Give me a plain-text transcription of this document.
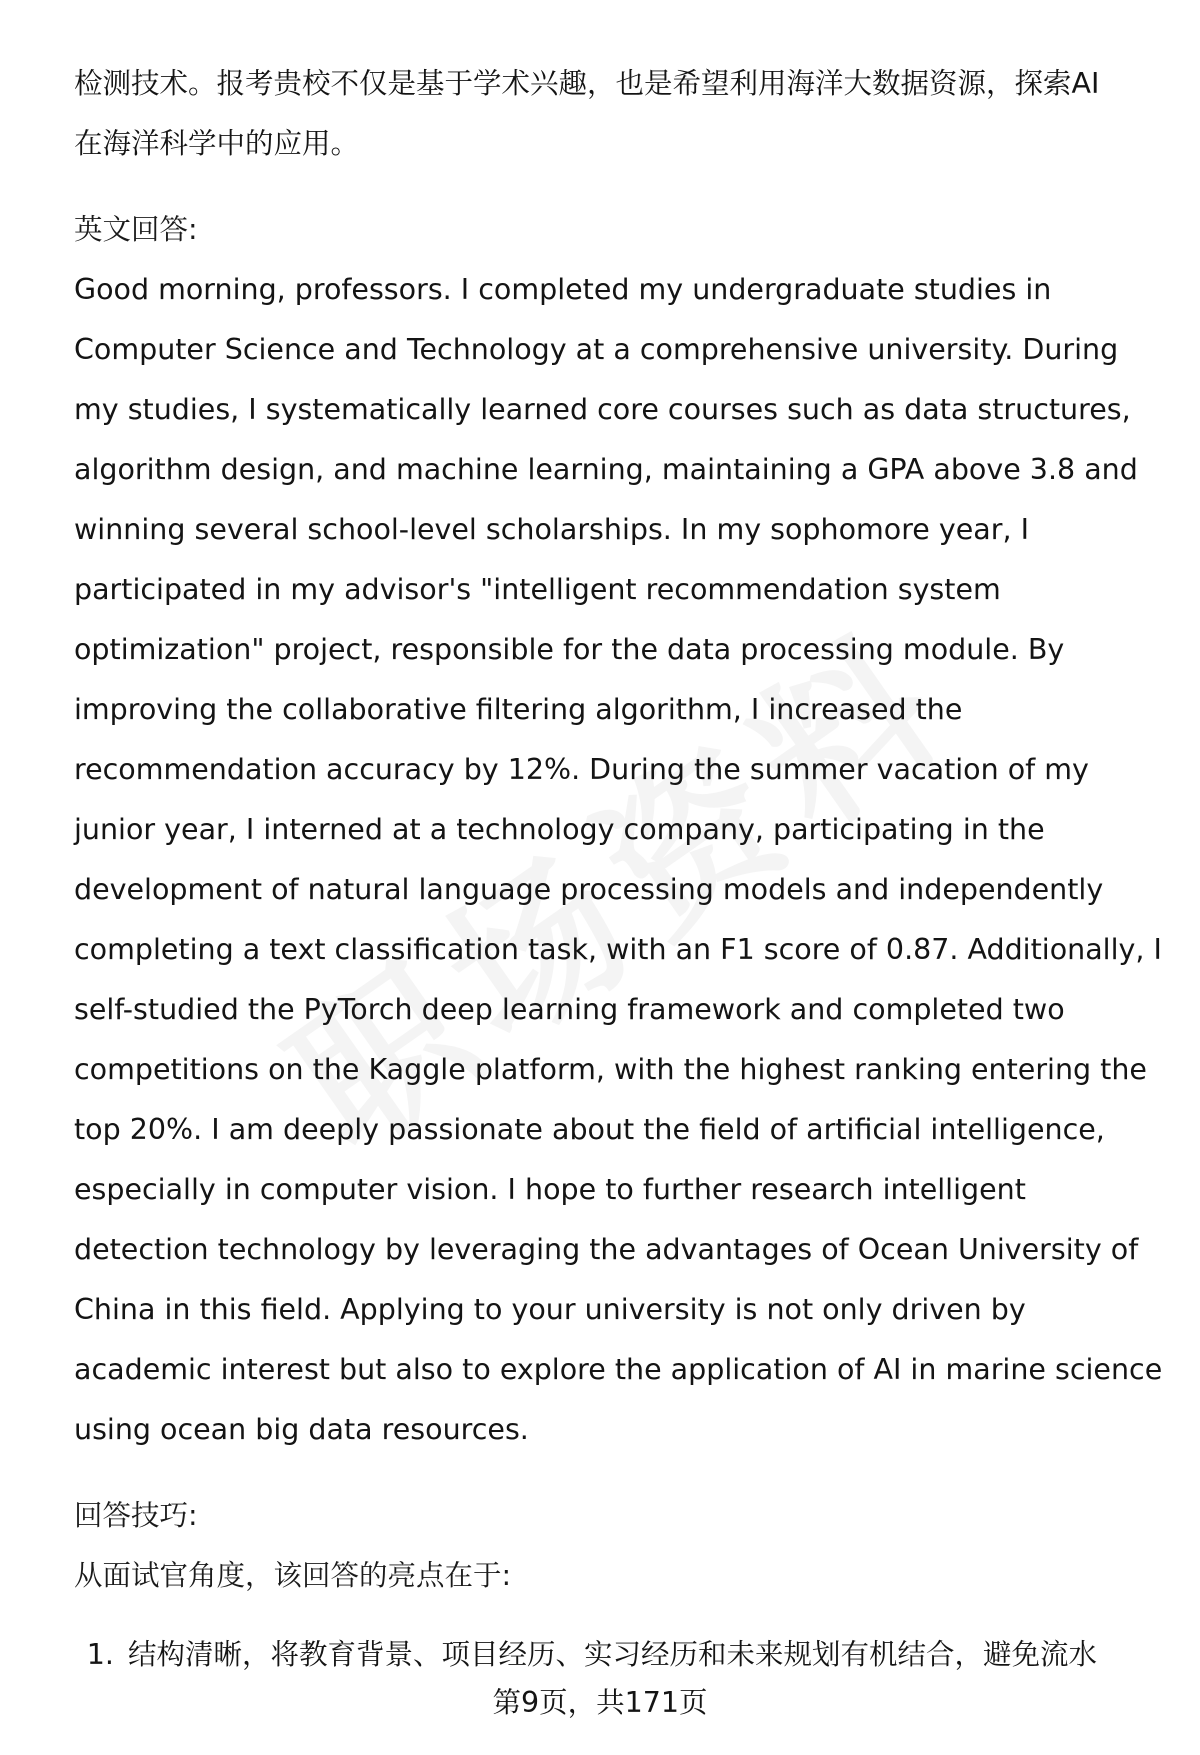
检测技术。报考贵校不仅是基于学术兴趣，也是希望利用海洋大数据资源，探索AI
在海洋科学中的应用。
英文回答:
Good morning, professors. I completed my undergraduate studies in
Computer Science and Technology at a comprehensive university. During
my studies, I systematically learned core courses such as data structures,
algorithm design, and machine learning, maintaining a GPA above 3.8 and
winning several school-level scholarships. In my sophomore year, I
participated in my advisor's "intelligent recommendation system
optimization" project, responsible for the data processing module. By
improving the collaborative filtering algorithm, I increased the
recommendation accuracy by 12%. During the summer vacation of my
junior year, I interned at a technology company, participating in the
development of natural language processing models and independently
completing a text classification task, with an F1 score of 0.87. Additionally, I
self-studied the PyTorch deep learning framework and completed two
competitions on the Kaggle platform, with the highest ranking entering the
top 20%. I am deeply passionate about the field of artificial intelligence,
especially in computer vision. I hope to further research intelligent
detection technology by leveraging the advantages of Ocean University of
China in this field. Applying to your university is not only driven by
academic interest but also to explore the application of AI in marine science
using ocean big data resources.
回答技巧:
从面试官角度，该回答的亮点在于:
1. 结构清晰，将教育背景、项目经历、实习经历和未来规划有机结合，避免流水
第9页，共171页
